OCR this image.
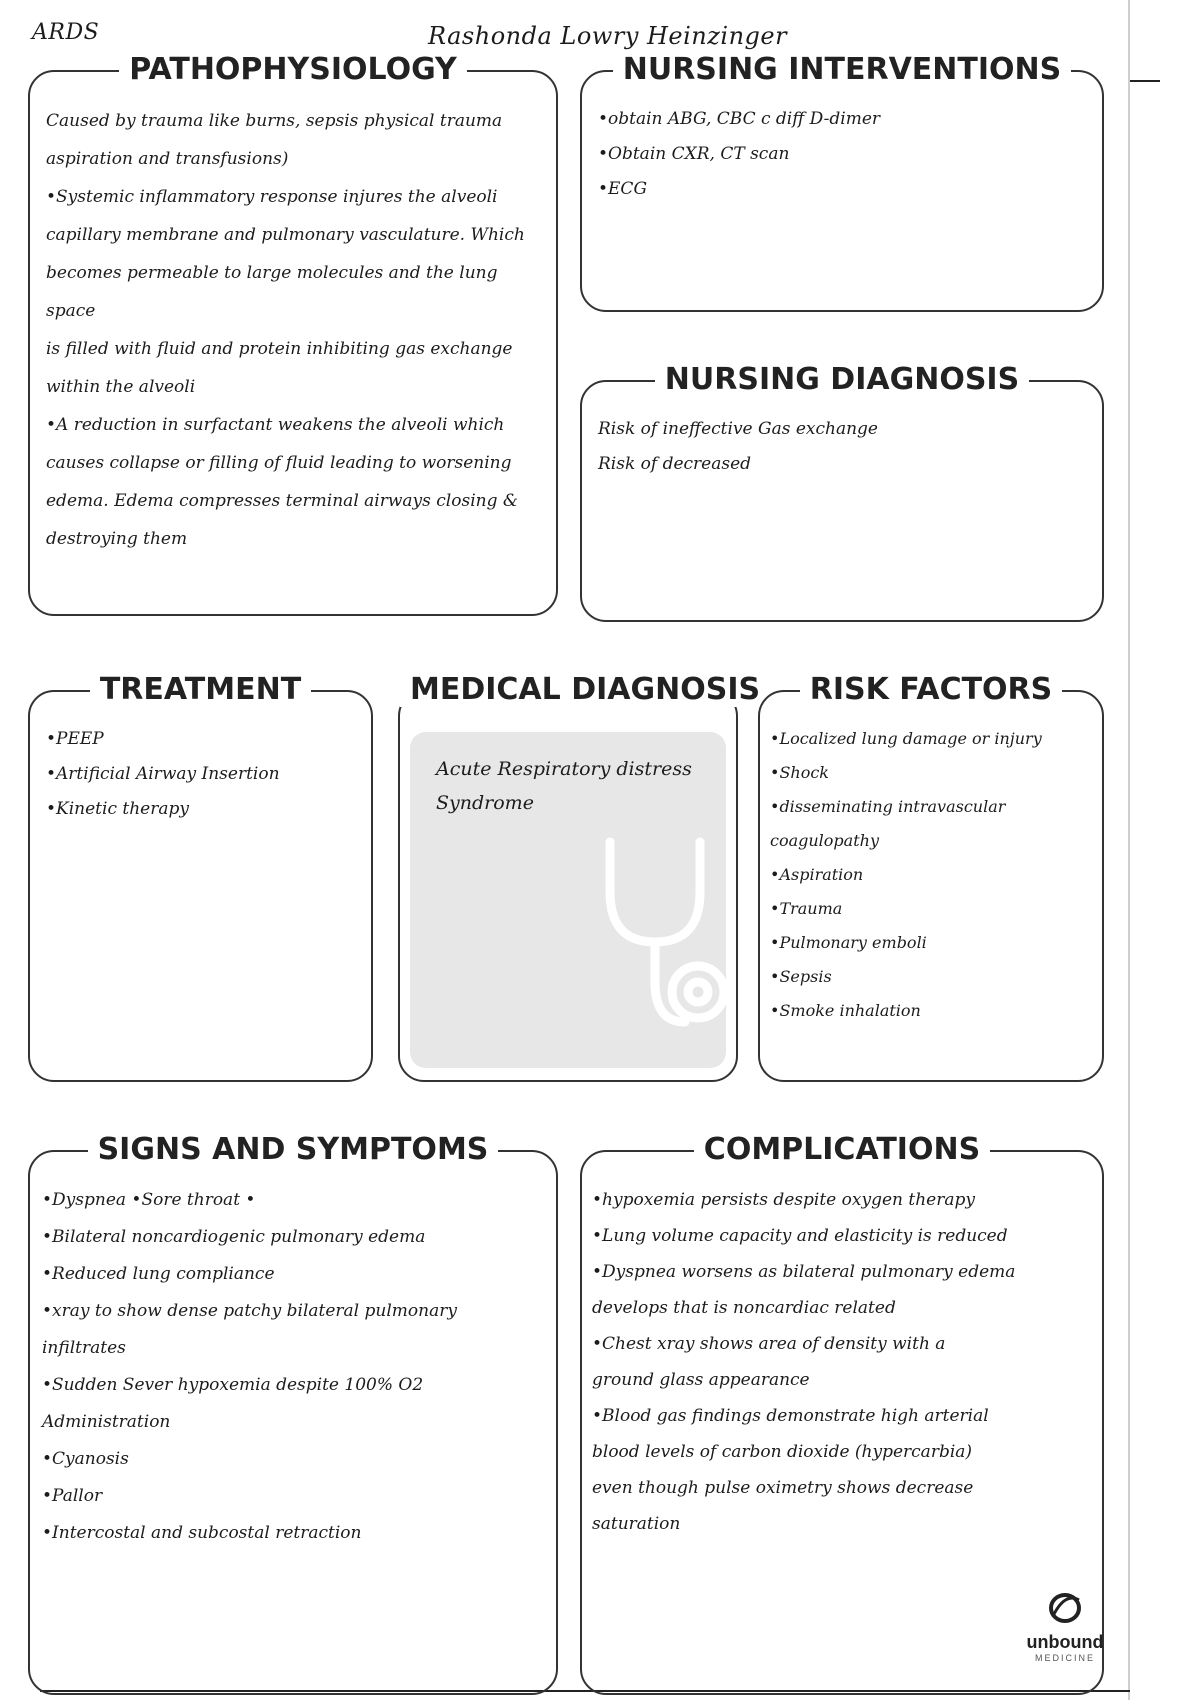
ARDS	Rashonda Lowry Heinzinger
PATHOPHYSIOLOGY
Caused by trauma like burns, sepsis physical trauma
aspiration and transfusions)
•Systemic inflammatory response injures the alveoli
capillary membrane and pulmonary vasculature. Which
becomes permeable to large molecules and the lung space
is filled with fluid and protein inhibiting gas exchange
within the alveoli
•A reduction in surfactant weakens the alveoli which
causes collapse or filling of fluid leading to worsening
edema. Edema compresses terminal airways closing & destroying them
NURSING INTERVENTIONS
•obtain ABG, CBC c diff D-dimer
•Obtain CXR, CT scan
•ECG
NURSING DIAGNOSIS
Risk of ineffective Gas exchange
Risk of decreased
TREATMENT
•PEEP
•Artificial Airway Insertion
•Kinetic therapy
MEDICAL DIAGNOSIS
Acute Respiratory distress
Syndrome
RISK FACTORS
•Localized lung damage or injury
•Shock
•disseminating intravascular coagulopathy
•Aspiration
•Trauma
•Pulmonary emboli
•Sepsis
•Smoke inhalation
SIGNS AND SYMPTOMS
•Dyspnea •Sore throat •
•Bilateral noncardiogenic pulmonary edema
•Reduced lung compliance
•xray to show dense patchy bilateral pulmonary infiltrates
•Sudden Sever hypoxemia despite 100% O2 Administration
•Cyanosis
•Pallor
•Intercostal and subcostal retraction
COMPLICATIONS
•hypoxemia persists despite oxygen therapy
•Lung volume capacity and elasticity is reduced
•Dyspnea worsens as bilateral pulmonary edema
develops that is noncardiac related
•Chest xray shows area of density with a
ground glass appearance
•Blood gas findings demonstrate high arterial
blood levels of carbon dioxide (hypercarbia)
even though pulse oximetry shows decrease
saturation
unbound
MEDICINE
